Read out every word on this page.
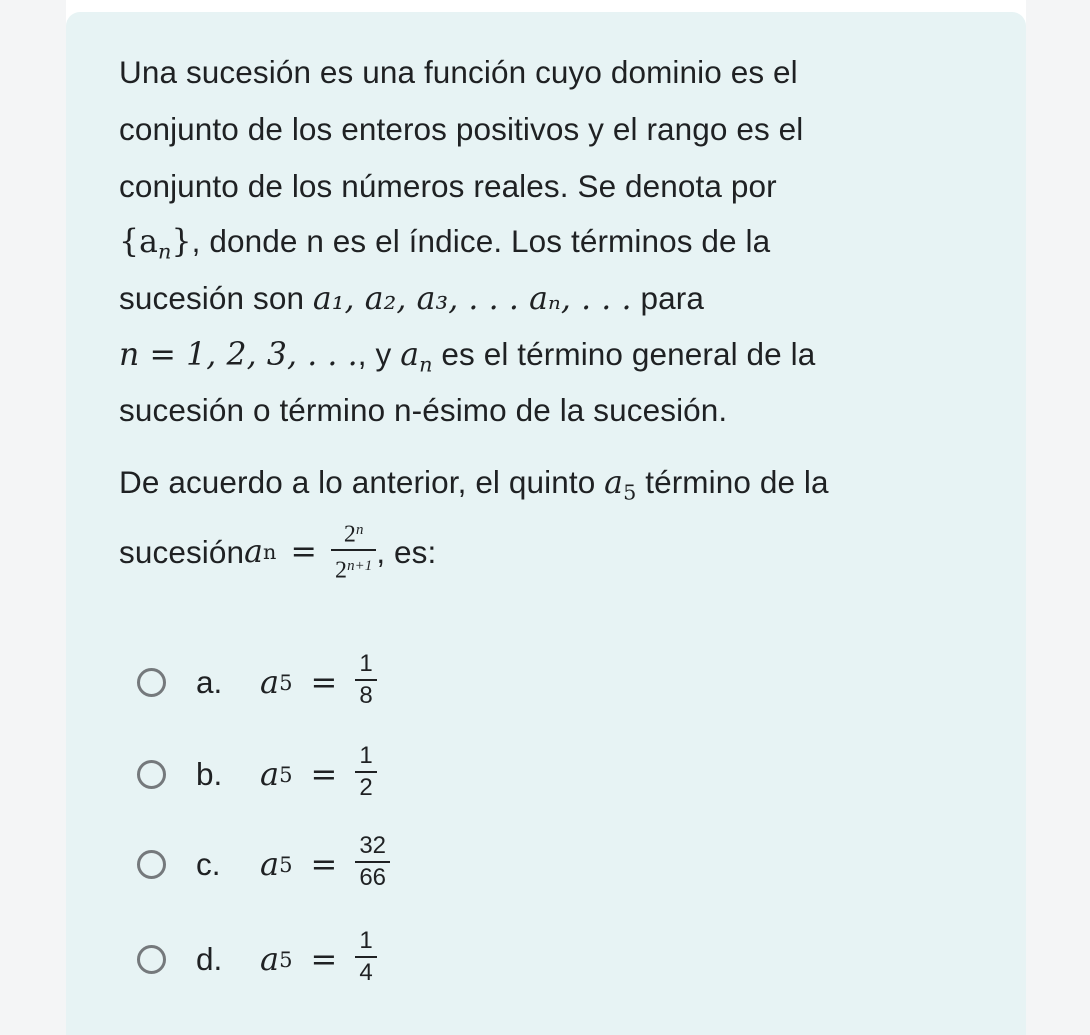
Una sucesión es una función cuyo dominio es el
conjunto de los enteros positivos y el rango es el
conjunto de los números reales. Se denota por
$\{a_n\}$, donde n es el índice. Los términos de la
sucesión son a₁, a₂, a₃, . . . aₙ, . . . para
n = 1, 2, 3, . . ., y $a_n$ es el término general de la
sucesión o término n-ésimo de la sucesión.
De acuerdo a lo anterior, el quinto $a_5$ término de la
sucesión a $n = \frac{2^n}{2^{n+1}}$ , es:
a.	a $5 = \frac{1}{8}$
b.	a $5 = \frac{1}{2}$
c.	a $5 = \frac{32}{66}$
d.	a $5 = \frac{1}{4}$
